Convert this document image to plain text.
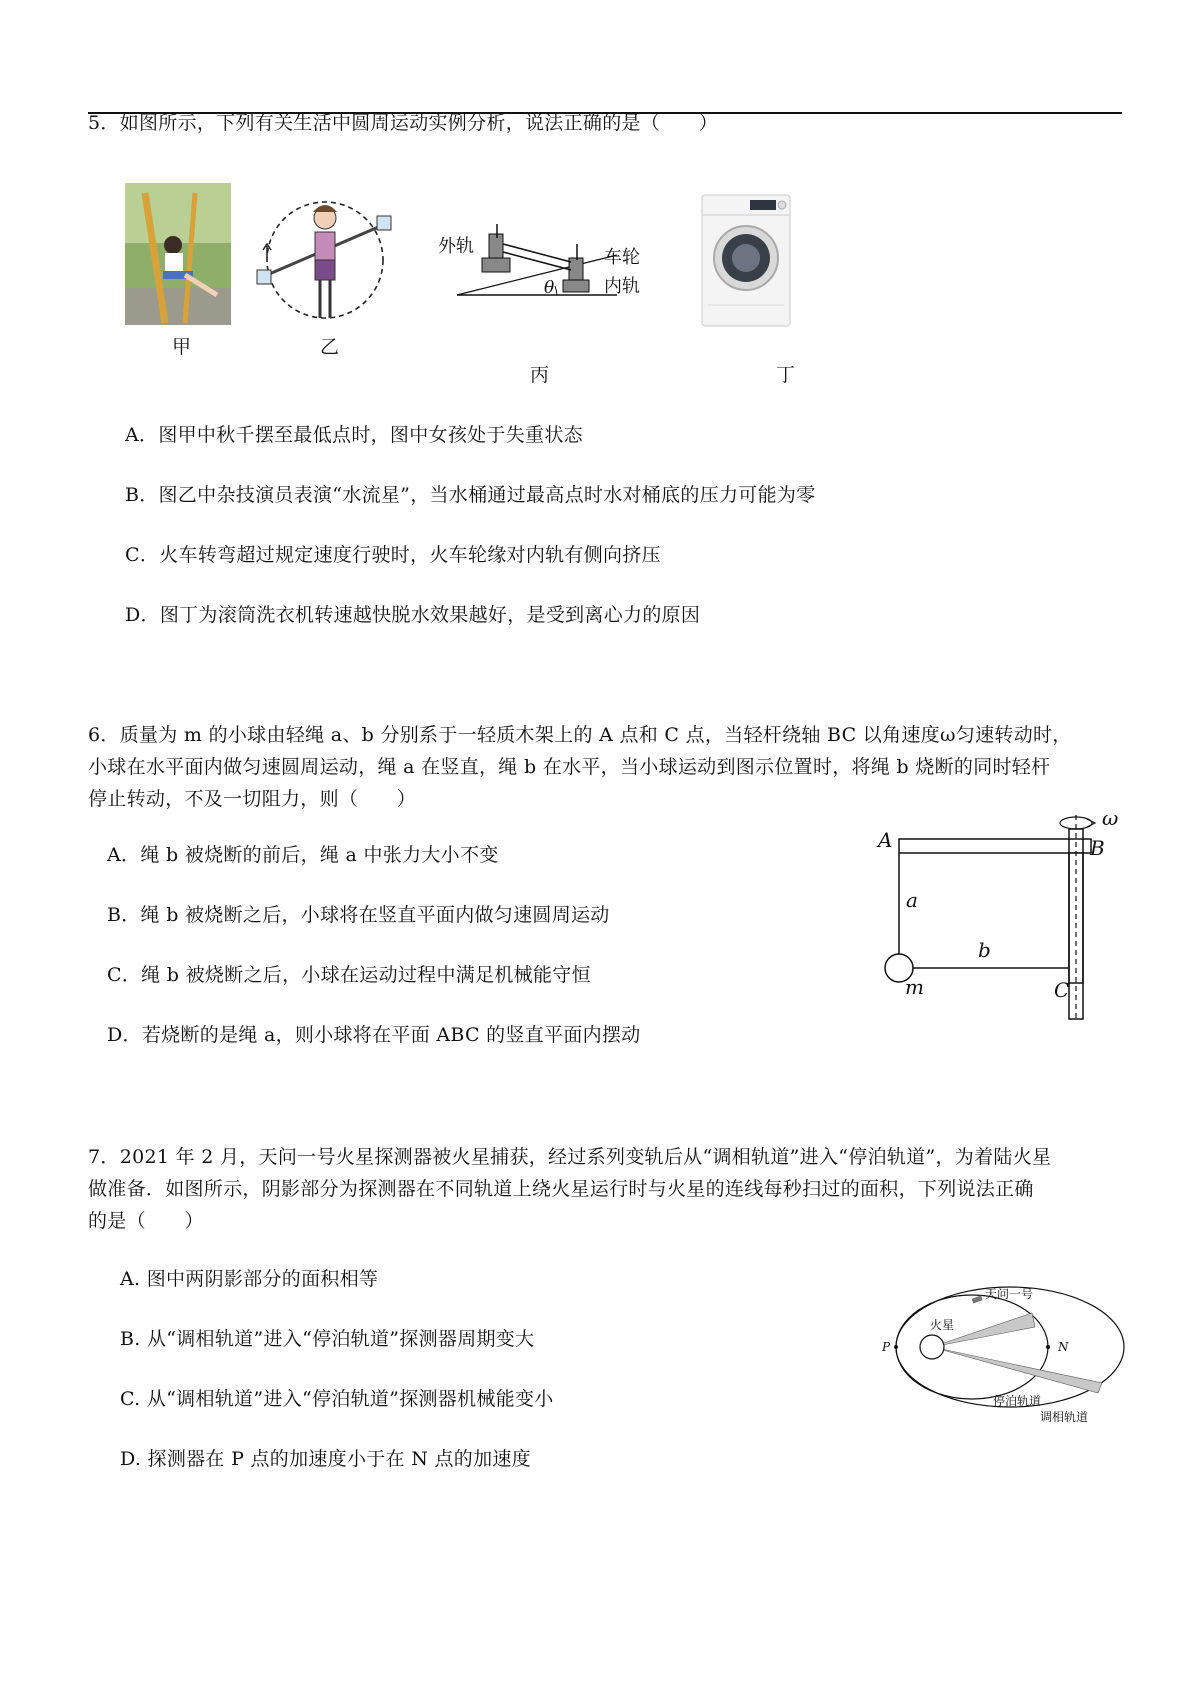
5．如图所示，下列有关生活中圆周运动实例分析，说法正确的是（　　）
甲	乙
外轨
车轮
内轨
θ
丙	丁
A．图甲中秋千摆至最低点时，图中女孩处于失重状态
B．图乙中杂技演员表演“水流星”，当水桶通过最高点时水对桶底的压力可能为零
C．火车转弯超过规定速度行驶时，火车轮缘对内轨有侧向挤压
D．图丁为滚筒洗衣机转速越快脱水效果越好，是受到离心力的原因
6．质量为 m 的小球由轻绳 a、b 分别系于一轻质木架上的 A 点和 C 点，当轻杆绕轴 BC 以角速度ω匀速转动时，
小球在水平面内做匀速圆周运动，绳 a 在竖直，绳 b 在水平，当小球运动到图示位置时，将绳 b 烧断的同时轻杆
停止转动，不及一切阻力，则（　　）
A	B
C
a
b
m
ω
A．绳 b 被烧断的前后，绳 a 中张力大小不变
B．绳 b 被烧断之后，小球将在竖直平面内做匀速圆周运动
C．绳 b 被烧断之后，小球在运动过程中满足机械能守恒
D．若烧断的是绳 a，则小球将在平面 ABC 的竖直平面内摆动
7．2021 年 2 月，天问一号火星探测器被火星捕获，经过系列变轨后从“调相轨道”进入“停泊轨道”，为着陆火星
做准备．如图所示，阴影部分为探测器在不同轨道上绕火星运行时与火星的连线每秒扫过的面积，下列说法正确
的是（　　）
天问一号
火星
P	N
停泊轨道
调相轨道
A. 图中两阴影部分的面积相等
B. 从“调相轨道”进入“停泊轨道”探测器周期变大
C. 从“调相轨道”进入“停泊轨道”探测器机械能变小
D. 探测器在 P 点的加速度小于在 N 点的加速度
